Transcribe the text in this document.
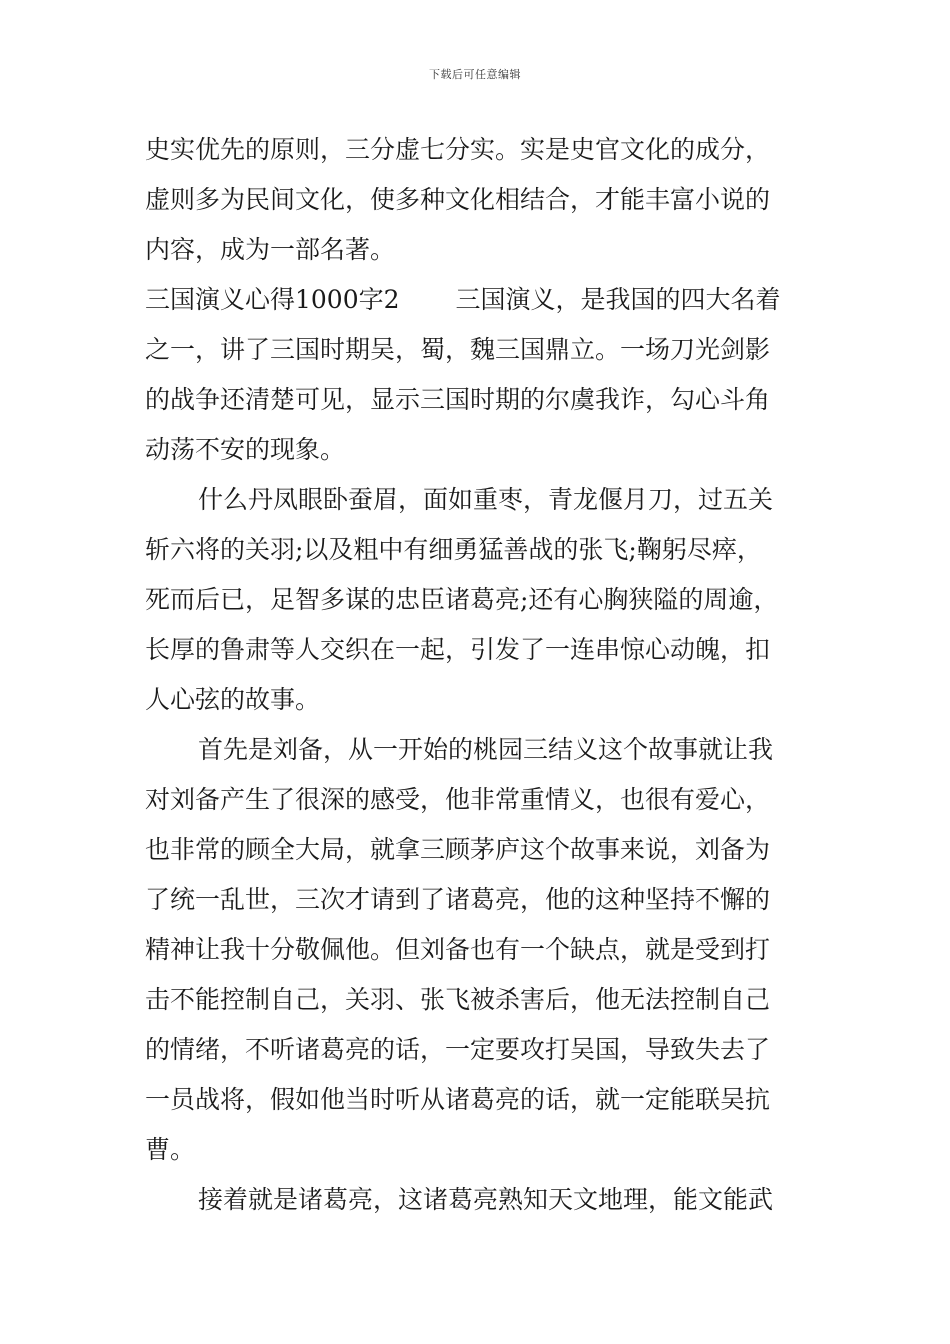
下载后可任意编辑
史实优先的原则，三分虚七分实。实是史官文化的成分，
虚则多为民间文化，使多种文化相结合，才能丰富小说的
内容，成为一部名著。
三国演义心得1000字2 三国演义，是我国的四大名着
之一，讲了三国时期吴，蜀，魏三国鼎立。一场刀光剑影
的战争还清楚可见，显示三国时期的尔虞我诈，勾心斗角
动荡不安的现象。
什么丹凤眼卧蚕眉，面如重枣，青龙偃月刀，过五关
斩六将的关羽;以及粗中有细勇猛善战的张飞;鞠躬尽瘁，
死而后已，足智多谋的忠臣诸葛亮;还有心胸狭隘的周逾，
长厚的鲁肃等人交织在一起，引发了一连串惊心动魄，扣
人心弦的故事。
首先是刘备，从一开始的桃园三结义这个故事就让我
对刘备产生了很深的感受，他非常重情义，也很有爱心，
也非常的顾全大局，就拿三顾茅庐这个故事来说，刘备为
了统一乱世，三次才请到了诸葛亮，他的这种坚持不懈的
精神让我十分敬佩他。但刘备也有一个缺点，就是受到打
击不能控制自己，关羽、张飞被杀害后，他无法控制自己
的情绪，不听诸葛亮的话，一定要攻打吴国，导致失去了
一员战将，假如他当时听从诸葛亮的话，就一定能联吴抗
曹。
接着就是诸葛亮，这诸葛亮熟知天文地理，能文能武
